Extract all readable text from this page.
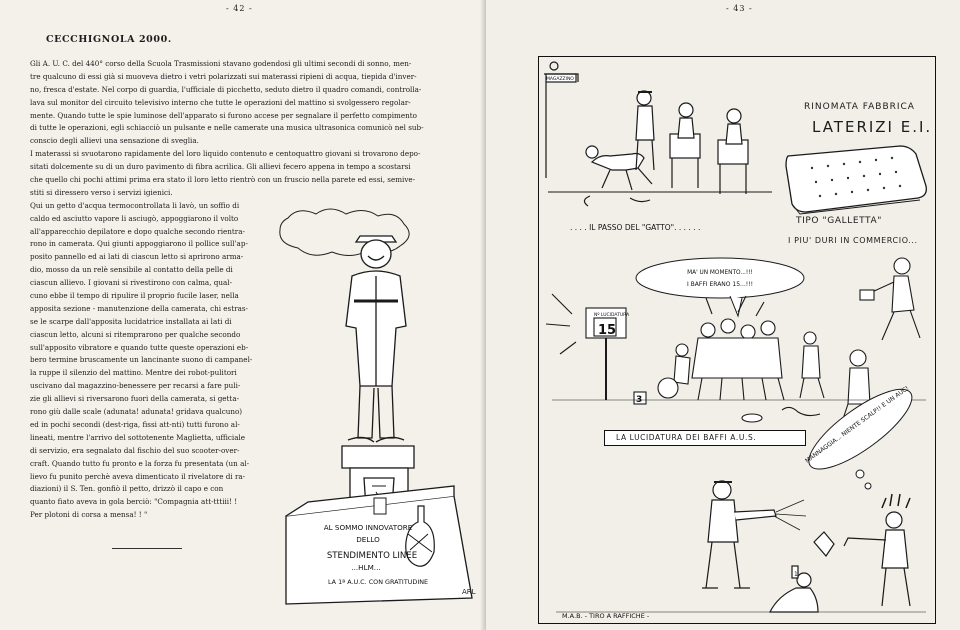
- 42 -
CECCHIGNOLA 2000.
Gli A. U. C. del 440° corso della Scuola Trasmissioni stavano godendosi gli ultimi secondi di sonno, men-
tre qualcuno di essi già si muoveva dietro i vetri polarizzati sui materassi ripieni di acqua, tiepida d'inver-
no, fresca d'estate. Nel corpo di guardia, l'ufficiale di picchetto, seduto dietro il quadro comandi, controlla-
lava sul monitor del circuito televisivo interno che tutte le operazioni del mattino si svolgessero regolar-
mente. Quando tutte le spie luminose dell'apparato si furono accese per segnalare il perfetto compimento
di tutte le operazioni, egli schiacciò un pulsante e nelle camerate una musica ultrasonica comunicò nel sub-
conscio degli allievi una sensazione di sveglia.
I materassi si svuotarono rapidamente del loro liquido contenuto e centoquattro giovani si trovarono depo-
sitati dolcemente su di un duro pavimento di fibra acrilica. Gli allievi fecero appena in tempo a scostarsi
che quello chi pochi attimi prima era stato il loro letto rientrò con un fruscio nella parete ed essi, semive-
stiti si diressero verso i servizi igienici.
Qui un getto d'acqua termocontrollata li lavò, un soffio di
caldo ed asciutto vapore li asciugò, appoggiarono il volto
all'apparecchio depilatore e dopo qualche secondo rientra-
rono in camerata. Qui giunti appoggiarono il pollice sull'ap-
posito pannello ed ai lati di ciascun letto si aprirono arma-
dio, mosso da un relè sensibile al contatto della pelle di
ciascun allievo. I giovani si rivestirono con calma, qual-
cuno ebbe il tempo di ripulire il proprio fucile laser, nella
apposita sezione - manutenzione della camerata, chi estras-
se le scarpe dall'apposita lucidatrice installata ai lati di
ciascun letto, alcuni si ritemprarono per qualche secondo
sull'apposito vibratore e quando tutte queste operazioni eb-
bero termine bruscamente un lancinante suono di campanel-
la ruppe il silenzio del mattino. Mentre dei robot-pulitori
uscivano dal magazzino-benessere per recarsi a fare puli-
zie gli allievi si riversarono fuori della camerata, si getta-
rono giù dalle scale (adunata! adunata! gridava qualcuno)
ed in pochi secondi (dest-riga, fissi att-nti) tutti furono al-
lineati, mentre l'arrivo del sottotenente Maglietta, ufficiale
di servizio, era segnalato dal fischio del suo scooter-over-
craft. Quando tutto fu pronto e la forza fu presentata (un al-
lievo fu punito perchè aveva dimenticato il rivelatore di ra-
diazioni) il S. Ten. gonfiò il petto, drizzò il capo e con
quanto fiato aveva in gola berciò: "Compagnia att-tttiii! !
Per plotoni di corsa a mensa! ! "
AL SOMMO INNOVATORE
DELLO
STENDIMENTO LINEE
...HLM...
LA 1ª A.U.C. CON GRATITUDINE
ARL
- 43 -
MAGAZZINO
. . . . IL PASSO DEL "GATTO". . . . . .
RINOMATA FABBRICA
LATERIZI E.I.
TIPO "GALLETTA"
I PIU' DURI IN COMMERCIO...
MA' UN MOMENTO...!!!
I BAFFI ERANO 15...!!!
Nº LUCIDATURA
15
3
LA LUCIDATURA DEI BAFFI A.U.S.	MANNAGGIA... NIENTE SCALP!! E UN AUC!
M.A.B. - TIRO A RAFFICHE -
1
